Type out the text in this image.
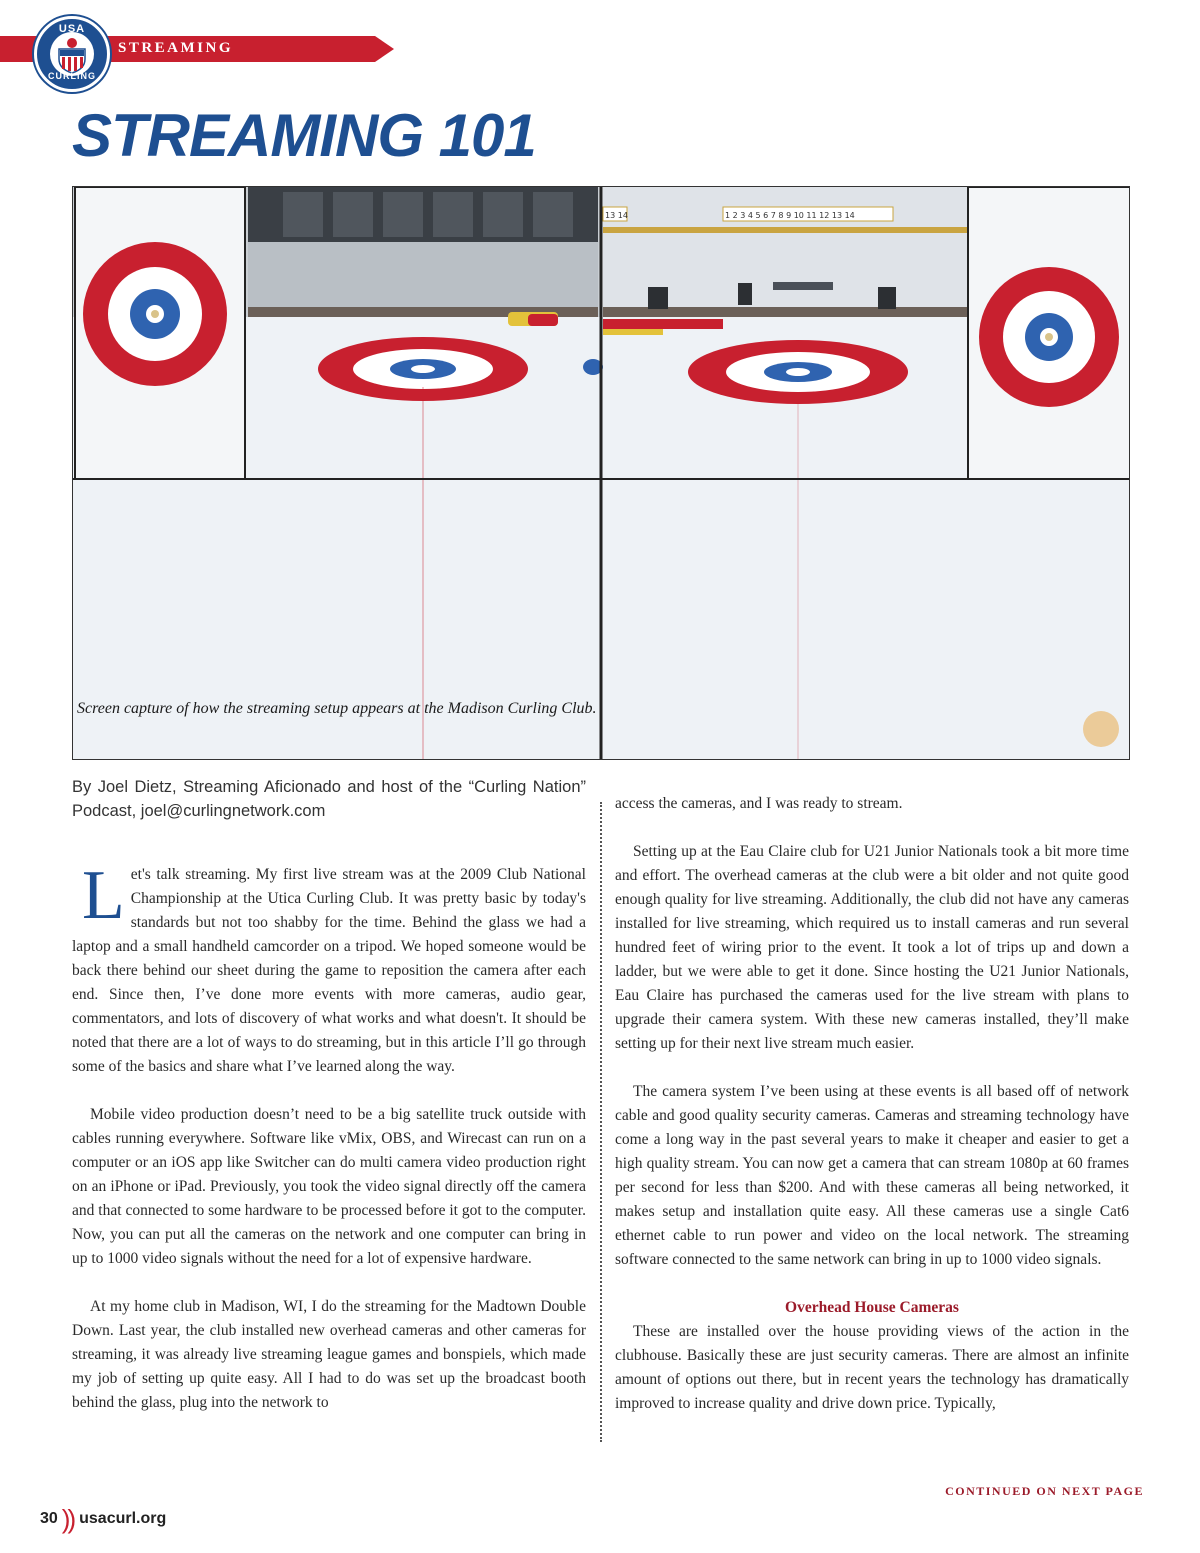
STREAMING
USA
CURLING
STREAMING 101
1 2 3 4 5 6 7 8 9 10 11 12 13 14
13 14
Screen capture of how the streaming setup appears at the Madison Curling Club.
By Joel Dietz, Streaming Aficionado and host of the “Curling Nation” Podcast, joel@curlingnetwork.com

Let's talk streaming. My first live stream was at the 2009 Club National Championship at the Utica Curling Club. It was pretty basic by today's standards but not too shabby for the time. Behind the glass we had a laptop and a small handheld camcorder on a tripod. We hoped someone would be back there behind our sheet during the game to reposition the camera after each end. Since then, I’ve done more events with more cameras, audio gear, commentators, and lots of discovery of what works and what doesn't. It should be noted that there are a lot of ways to do streaming, but in this article I’ll go through some of the basics and share what I’ve learned along the way.

Mobile video production doesn’t need to be a big satellite truck outside with cables running everywhere. Software like vMix, OBS, and Wirecast can run on a computer or an iOS app like Switcher can do multi camera video production right on an iPhone or iPad. Previously, you took the video signal directly off the camera and that connected to some hardware to be processed before it got to the computer. Now, you can put all the cameras on the network and one computer can bring in up to 1000 video signals without the need for a lot of expensive hardware.

At my home club in Madison, WI, I do the streaming for the Madtown Double Down. Last year, the club installed new overhead cameras and other cameras for streaming, it was already live streaming league games and bonspiels, which made my job of setting up quite easy. All I had to do was set up the broadcast booth behind the glass, plug into the network to

access the cameras, and I was ready to stream.

Setting up at the Eau Claire club for U21 Junior Nationals took a bit more time and effort. The overhead cameras at the club were a bit older and not quite good enough quality for live streaming. Additionally, the club did not have any cameras installed for live streaming, which required us to install cameras and run several hundred feet of wiring prior to the event. It took a lot of trips up and down a ladder, but we were able to get it done. Since hosting the U21 Junior Nationals, Eau Claire has purchased the cameras used for the live stream with plans to upgrade their camera system. With these new cameras installed, they’ll make setting up for their next live stream much easier.

The camera system I’ve been using at these events is all based off of network cable and good quality security cameras. Cameras and streaming technology have come a long way in the past several years to make it cheaper and easier to get a high quality stream. You can now get a camera that can stream 1080p at 60 frames per second for less than $200. And with these cameras all being networked, it makes setup and installation quite easy. All these cameras use a single Cat6 ethernet cable to run power and video on the local network. The streaming software connected to the same network can bring in up to 1000 video signals.

Overhead House Cameras

These are installed over the house providing views of the action in the clubhouse. Basically these are just security cameras. There are almost an infinite amount of options out there, but in recent years the technology has dramatically improved to increase quality and drive down price. Typically,

CONTINUED ON NEXT PAGE
30 )) usacurl.org
